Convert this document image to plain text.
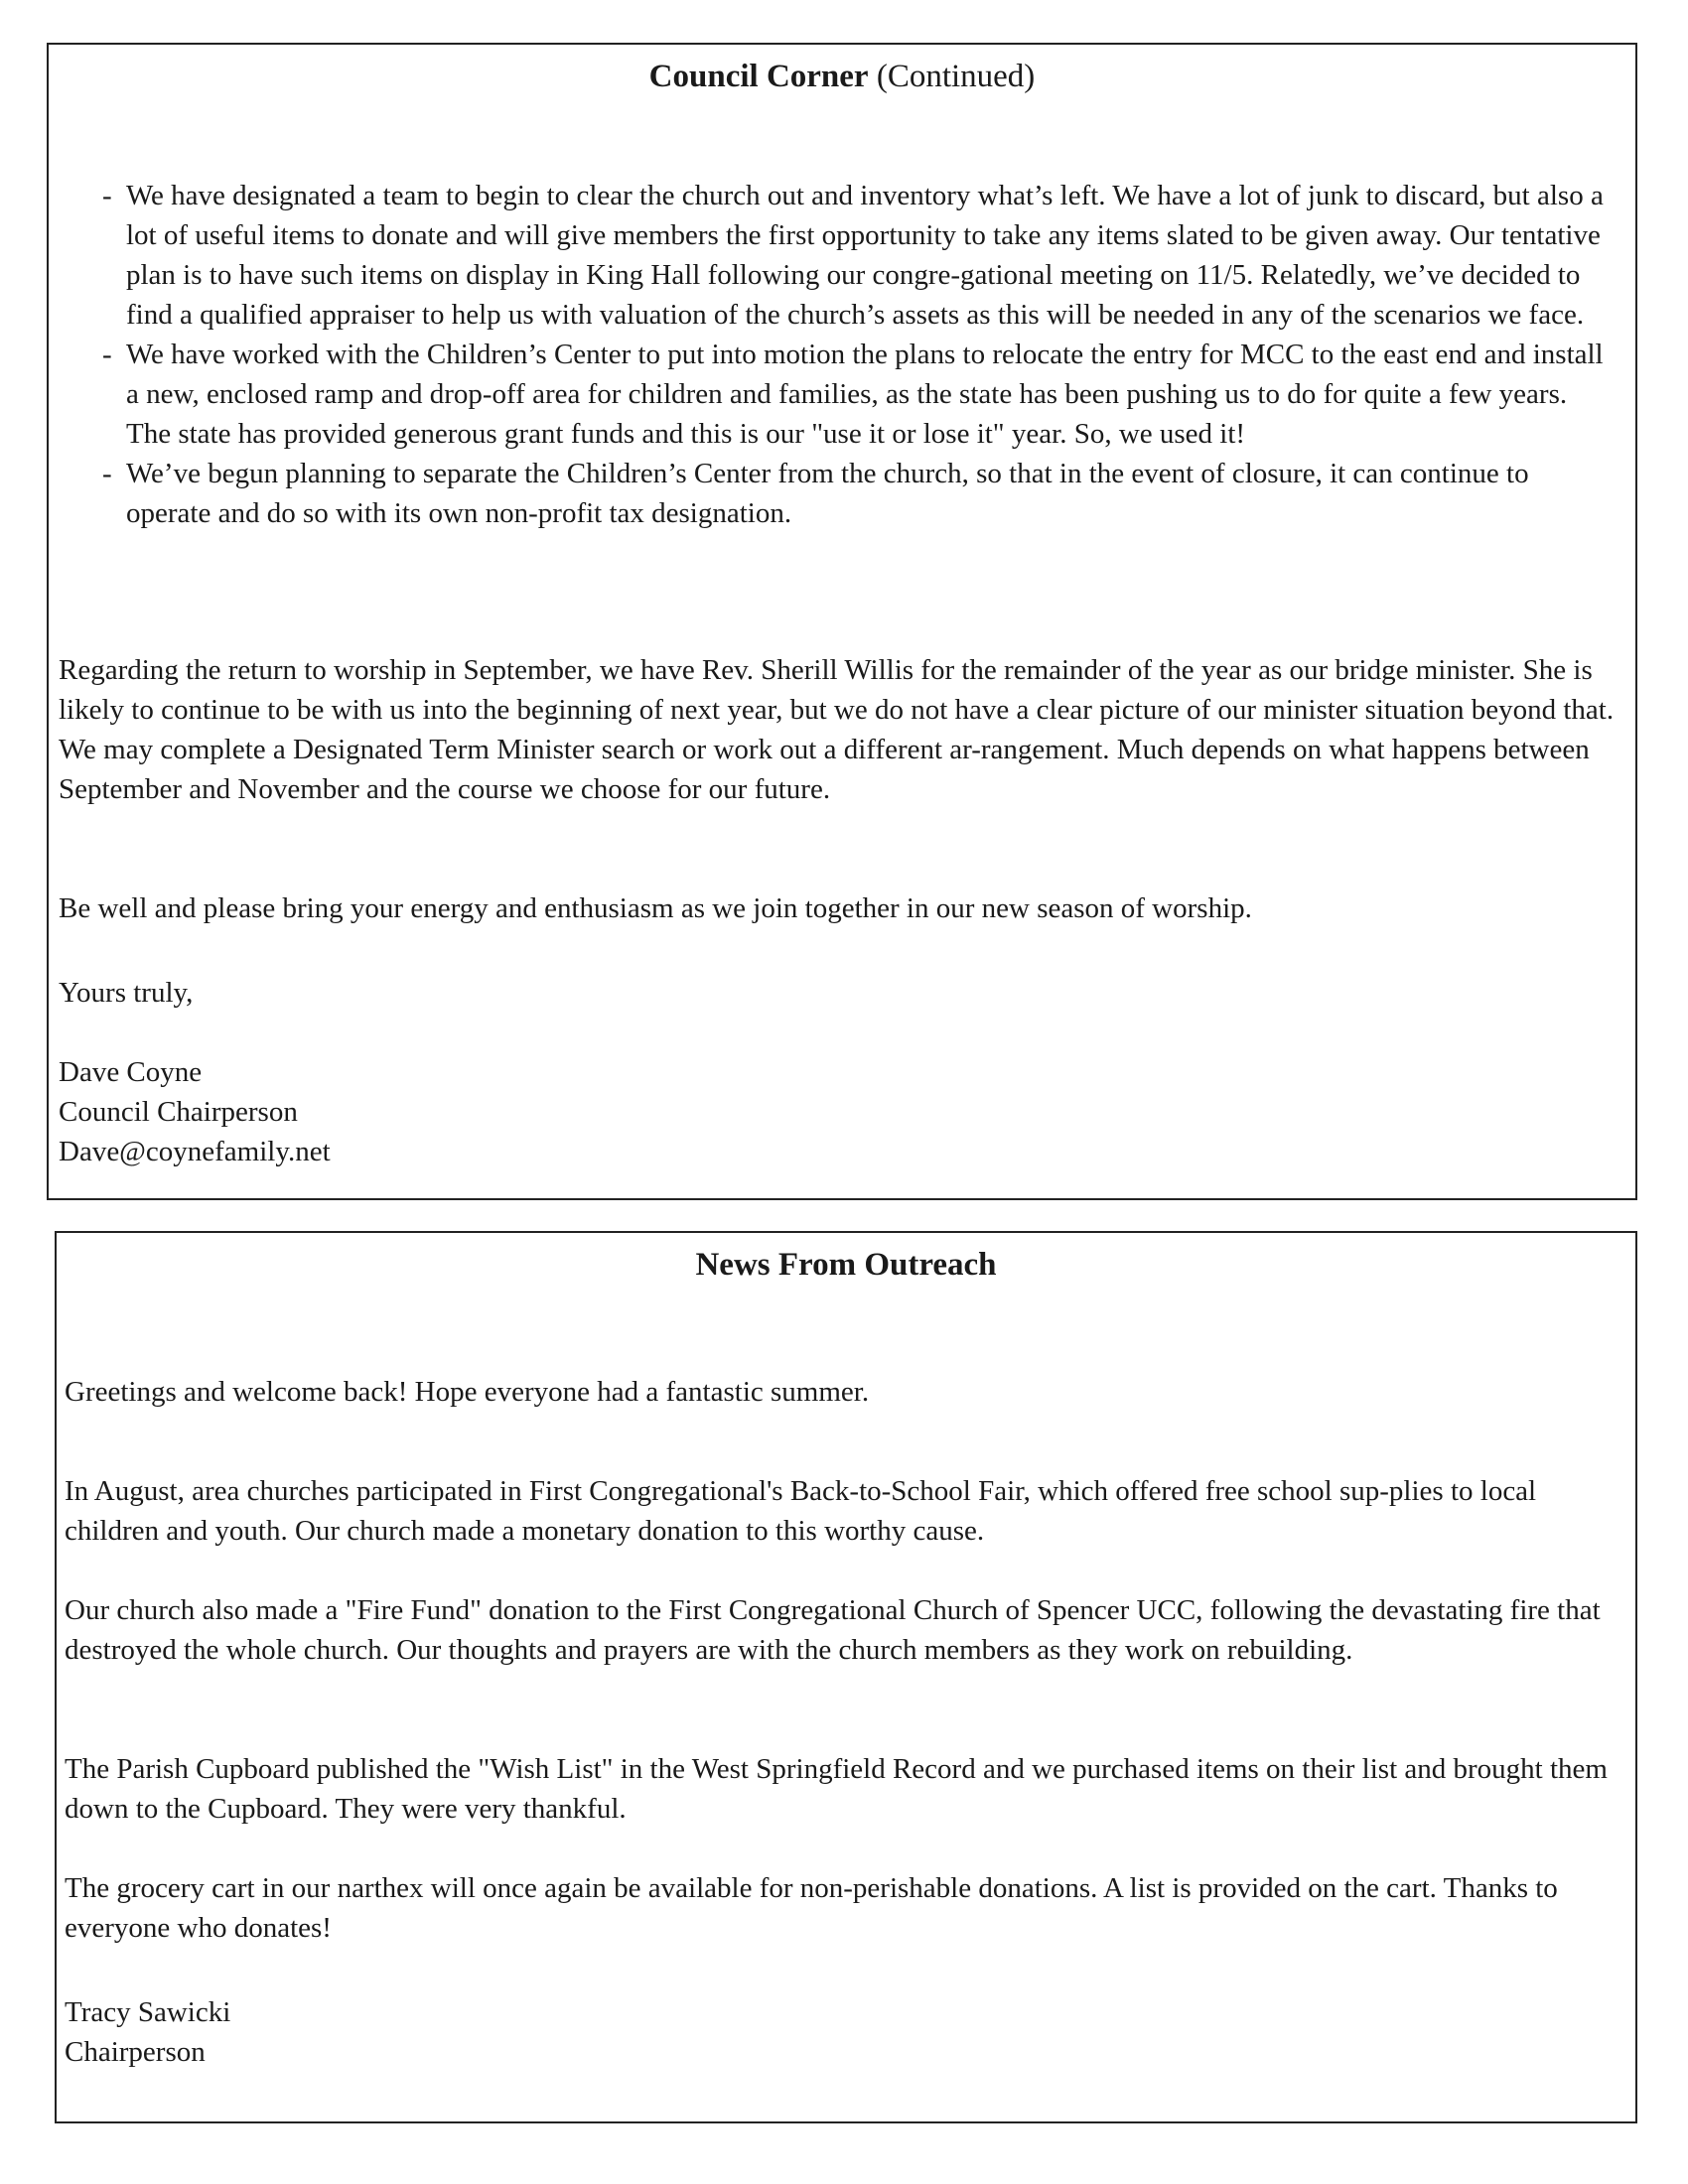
Council Corner (Continued)
- We have designated a team to begin to clear the church out and inventory what’s left. We have a lot of junk to discard, but also a lot of useful items to donate and will give members the first opportunity to take any items slated to be given away. Our tentative plan is to have such items on display in King Hall following our congre-gational meeting on 11/5. Relatedly, we’ve decided to find a qualified appraiser to help us with valuation of the church’s assets as this will be needed in any of the scenarios we face.
- We have worked with the Children’s Center to put into motion the plans to relocate the entry for MCC to the east end and install a new, enclosed ramp and drop-off area for children and families, as the state has been pushing us to do for quite a few years. The state has provided generous grant funds and this is our "use it or lose it" year. So, we used it!
- We’ve begun planning to separate the Children’s Center from the church, so that in the event of closure, it can continue to operate and do so with its own non-profit tax designation.

Regarding the return to worship in September, we have Rev. Sherill Willis for the remainder of the year as our bridge minister. She is likely to continue to be with us into the beginning of next year, but we do not have a clear picture of our minister situation beyond that. We may complete a Designated Term Minister search or work out a different ar-rangement. Much depends on what happens between September and November and the course we choose for our future.

Be well and please bring your energy and enthusiasm as we join together in our new season of worship.

Yours truly,

Dave Coyne
Council Chairperson
Dave@coynefamily.net
News From Outreach

Greetings and welcome back! Hope everyone had a fantastic summer.

In August, area churches participated in First Congregational's Back-to-School Fair, which offered free school sup-plies to local children and youth. Our church made a monetary donation to this worthy cause.

Our church also made a "Fire Fund" donation to the First Congregational Church of Spencer UCC, following the devastating fire that destroyed the whole church. Our thoughts and prayers are with the church members as they work on rebuilding.

The Parish Cupboard published the "Wish List" in the West Springfield Record and we purchased items on their list and brought them down to the Cupboard. They were very thankful.

The grocery cart in our narthex will once again be available for non-perishable donations. A list is provided on the cart. Thanks to everyone who donates!

Tracy Sawicki
Chairperson
